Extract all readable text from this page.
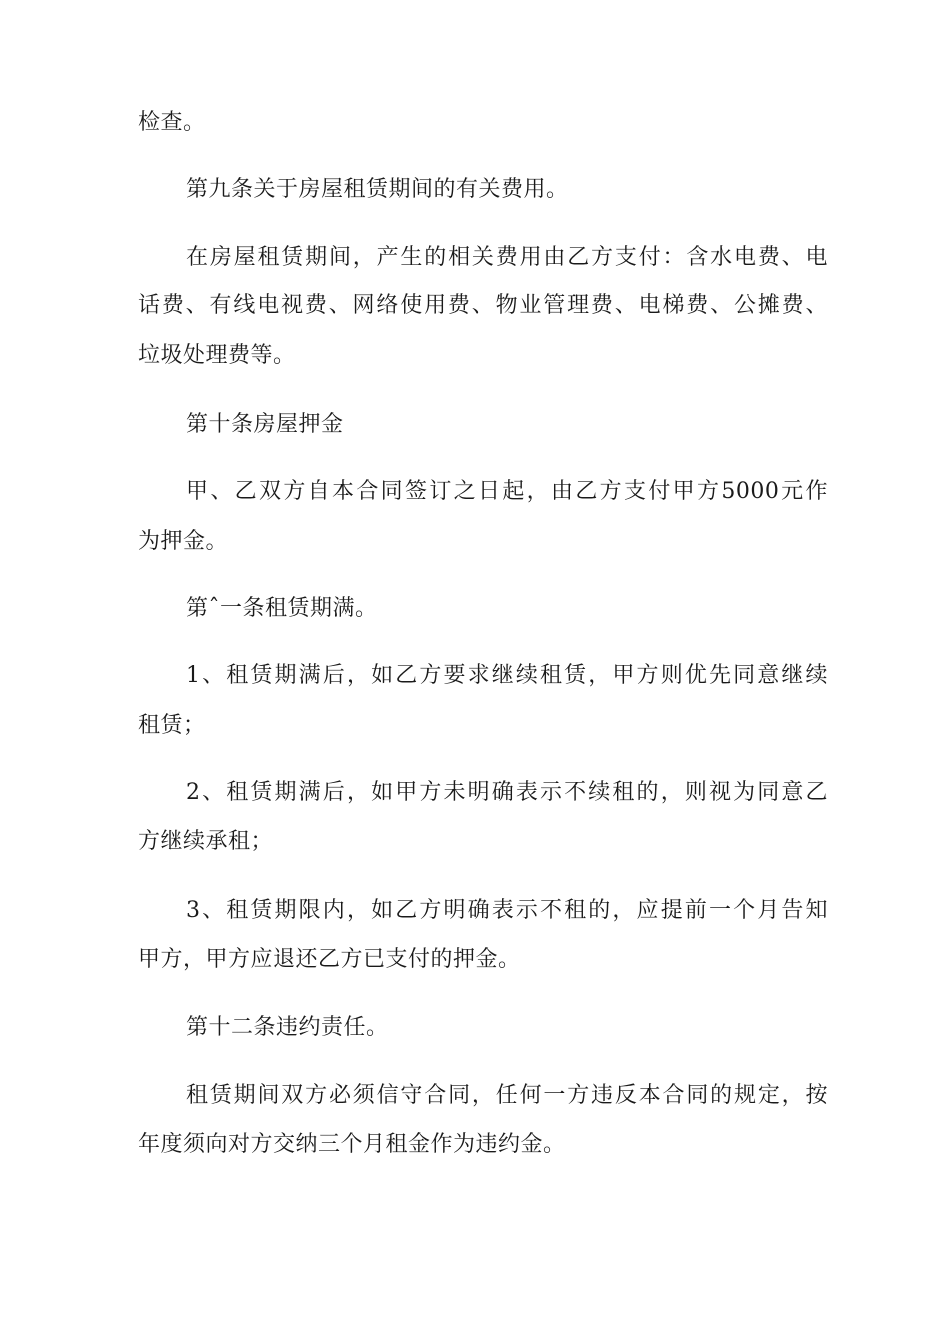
检查。
第九条关于房屋租赁期间的有关费用。
在房屋租赁期间，产生的相关费用由乙方支付：含水电费、电
话费、有线电视费、网络使用费、物业管理费、电梯费、公摊费、
垃圾处理费等。
第十条房屋押金
甲、乙双方自本合同签订之日起，由乙方支付甲方5000元作
为押金。
第ˆ一条租赁期满。
1、租赁期满后，如乙方要求继续租赁，甲方则优先同意继续
租赁；
2、租赁期满后，如甲方未明确表示不续租的，则视为同意乙
方继续承租；
3、租赁期限内，如乙方明确表示不租的，应提前一个月告知
甲方，甲方应退还乙方已支付的押金。
第十二条违约责任。
租赁期间双方必须信守合同，任何一方违反本合同的规定，按
年度须向对方交纳三个月租金作为违约金。
